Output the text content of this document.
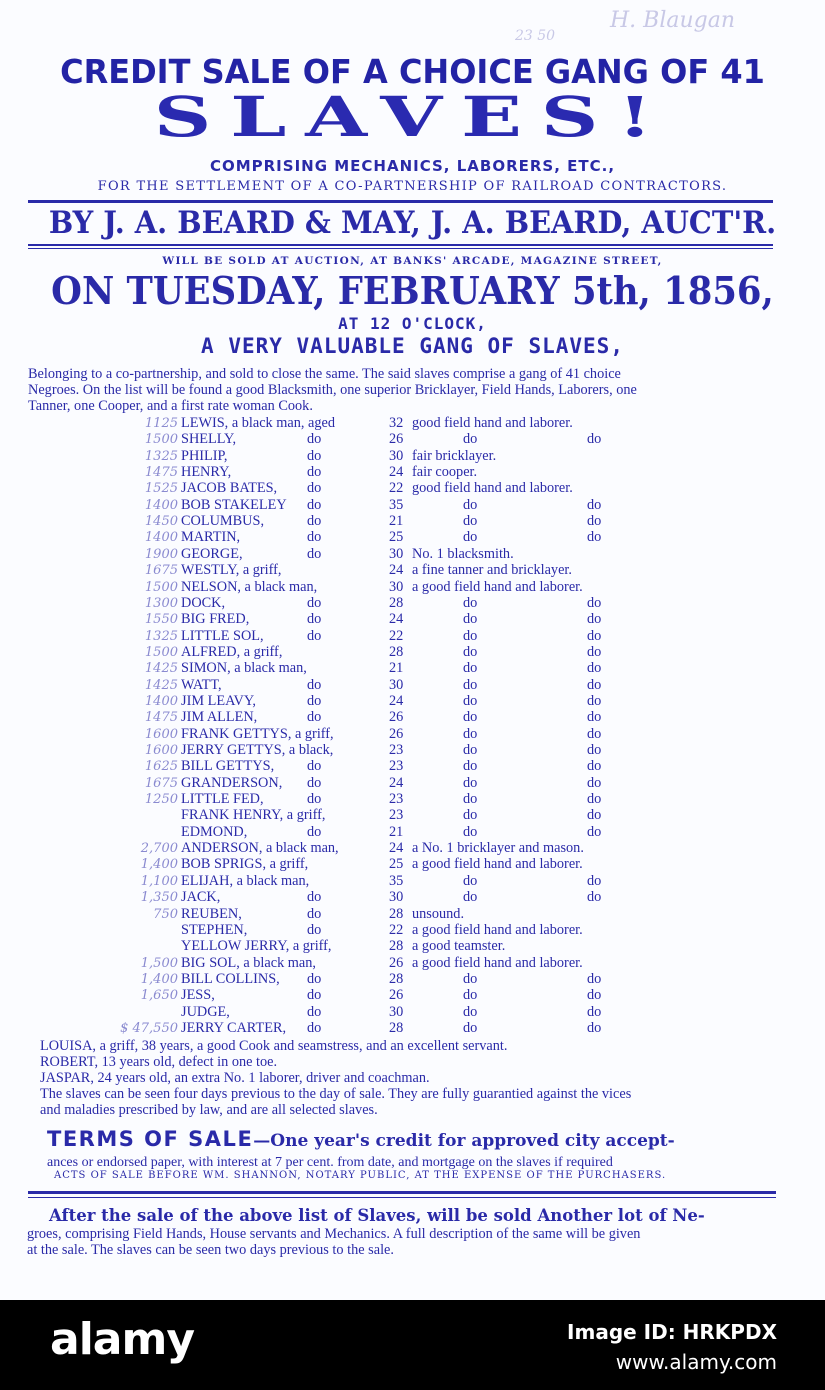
H. Blaugan
23 50
CREDIT SALE OF A CHOICE GANG OF 41
SLAVES!
COMPRISING MECHANICS, LABORERS, ETC.,
FOR THE SETTLEMENT OF A CO-PARTNERSHIP OF RAILROAD CONTRACTORS.
BY J. A. BEARD & MAY, J. A. BEARD, AUCT'R.
WILL BE SOLD AT AUCTION, AT BANKS' ARCADE, MAGAZINE STREET,
ON TUESDAY, FEBRUARY 5th, 1856,
AT 12 O'CLOCK,
A VERY VALUABLE GANG OF SLAVES,
Belonging to a co-partnership, and sold to close the same. The said slaves comprise a gang of 41 choice
Negroes. On the list will be found a good Blacksmith, one superior Bricklayer, Field Hands, Laborers, one
Tanner, one Cooper, and a first rate woman Cook.
1125 LEWIS, a black man, aged	32 good field hand and laborer.
1500 SHELLY,	do	26	do	do
1325 PHILIP,	do	30 fair bricklayer.
1475 HENRY,	do	24 fair cooper.
1525 JACOB BATES, do	22 good field hand and laborer.
1400 BOB STAKELEY do	35	do	do
1450 COLUMBUS,	do	21	do	do
1400 MARTIN,	do	25	do	do
1900 GEORGE,	do	30 No. 1 blacksmith.
1675 WESTLY, a griff,	24 a fine tanner and bricklayer.
1500 NELSON, a black man,	30 a good field hand and laborer.
1300 DOCK,	do	28	do	do
1550 BIG FRED,	do	24	do	do
1325 LITTLE SOL,	do	22	do	do
1500 ALFRED, a griff,	28	do	do
1425 SIMON, a black man,	21	do	do
1425 WATT,	do	30	do	do
1400 JIM LEAVY,	do	24	do	do
1475 JIM ALLEN,	do	26	do	do
1600 FRANK GETTYS, a griff,	26	do	do
1600 JERRY GETTYS, a black,	23	do	do
1625 BILL GETTYS, do	23	do	do
1675 GRANDERSON, do	24	do	do
1250 LITTLE FED,	do	23	do	do
FRANK HENRY, a griff,	23	do	do
EDMOND,	do	21	do	do
2,700 ANDERSON, a black man,	24 a No. 1 bricklayer and mason.
1,400 BOB SPRIGS, a griff,	25 a good field hand and laborer.
1,100 ELIJAH, a black man,	35	do	do
1,350 JACK,	do	30	do	do
750 REUBEN,	do	28 unsound.
STEPHEN,	do	22 a good field hand and laborer.
YELLOW JERRY, a griff,	28 a good teamster.
1,500 BIG SOL, a black man,	26 a good field hand and laborer.
1,400 BILL COLLINS, do	28	do	do
1,650 JESS,	do	26	do	do
JUDGE,	do	30	do	do
$ 47,550 JERRY CARTER, do	28	do	do
LOUISA, a griff, 38 years, a good Cook and seamstress, and an excellent servant.
ROBERT, 13 years old, defect in one toe.
JASPAR, 24 years old, an extra No. 1 laborer, driver and coachman.
The slaves can be seen four days previous to the day of sale. They are fully guarantied against the vices
and maladies prescribed by law, and are all selected slaves.
TERMS OF SALE—One year's credit for approved city accept-
ances or endorsed paper, with interest at 7 per cent. from date, and mortgage on the slaves if required
ACTS OF SALE BEFORE WM. SHANNON, NOTARY PUBLIC, AT THE EXPENSE OF THE PURCHASERS.
After the sale of the above list of Slaves, will be sold Another lot of Ne-
groes, comprising Field Hands, House servants and Mechanics. A full description of the same will be given
at the sale. The slaves can be seen two days previous to the sale.
alamy	Image ID: HRKPDX
www.alamy.com
